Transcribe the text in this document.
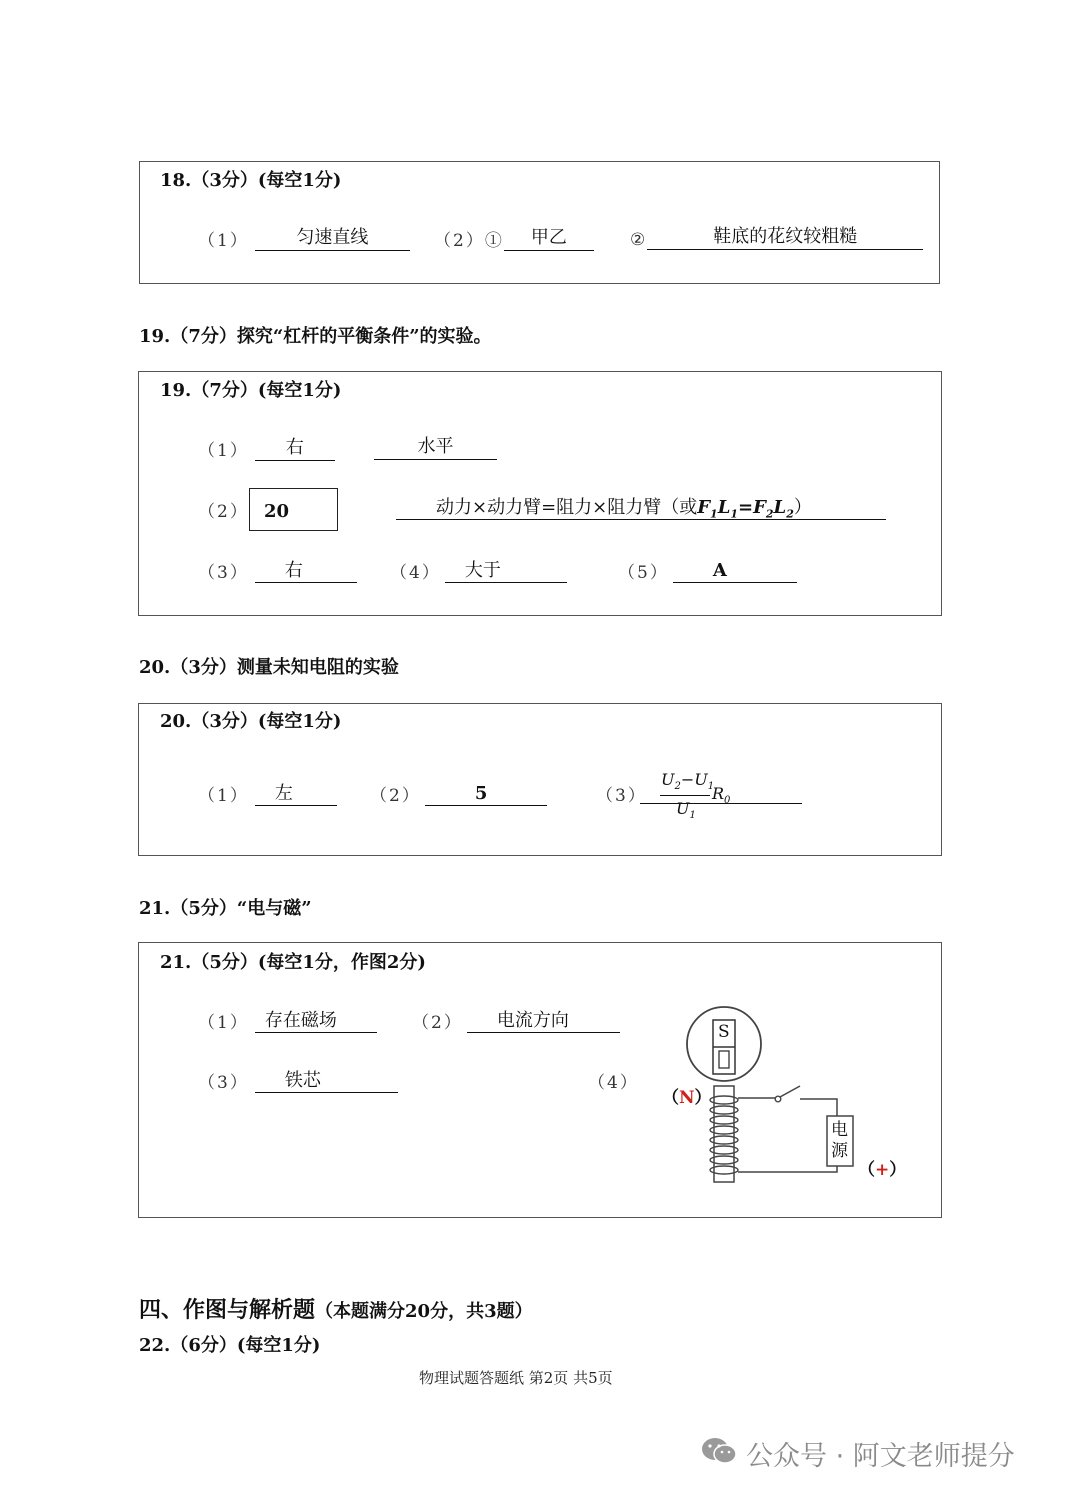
18.（3分）(每空1分)
（1）	匀速直线	（2）① 甲乙	②	鞋底的花纹较粗糙
19.（7分）探究“杠杆的平衡条件”的实验。
19.（7分）(每空1分)
（1） 右	水平
（2） 20	动力×动力臂=阻力×阻力臂（或$F_1L_1=F_2L_2$）
（3） 右	（4） 大于	（5） A
20.（3分）测量未知电阻的实验
20.（3分）(每空1分)
（1） 左	（2）	5	（3）
$U_2-U_1$
$U_1$
$R_0$
21.（5分）“电与磁”
21.（5分）(每空1分，作图2分)
（1） 存在磁场	（2） 电流方向
（3） 铁芯	（4）
S
（N）
电源
（+）
四、作图与解析题（本题满分20分，共3题）
22.（6分）(每空1分)
物理试题答题纸 第2页 共5页
公众号 · 阿文老师提分
